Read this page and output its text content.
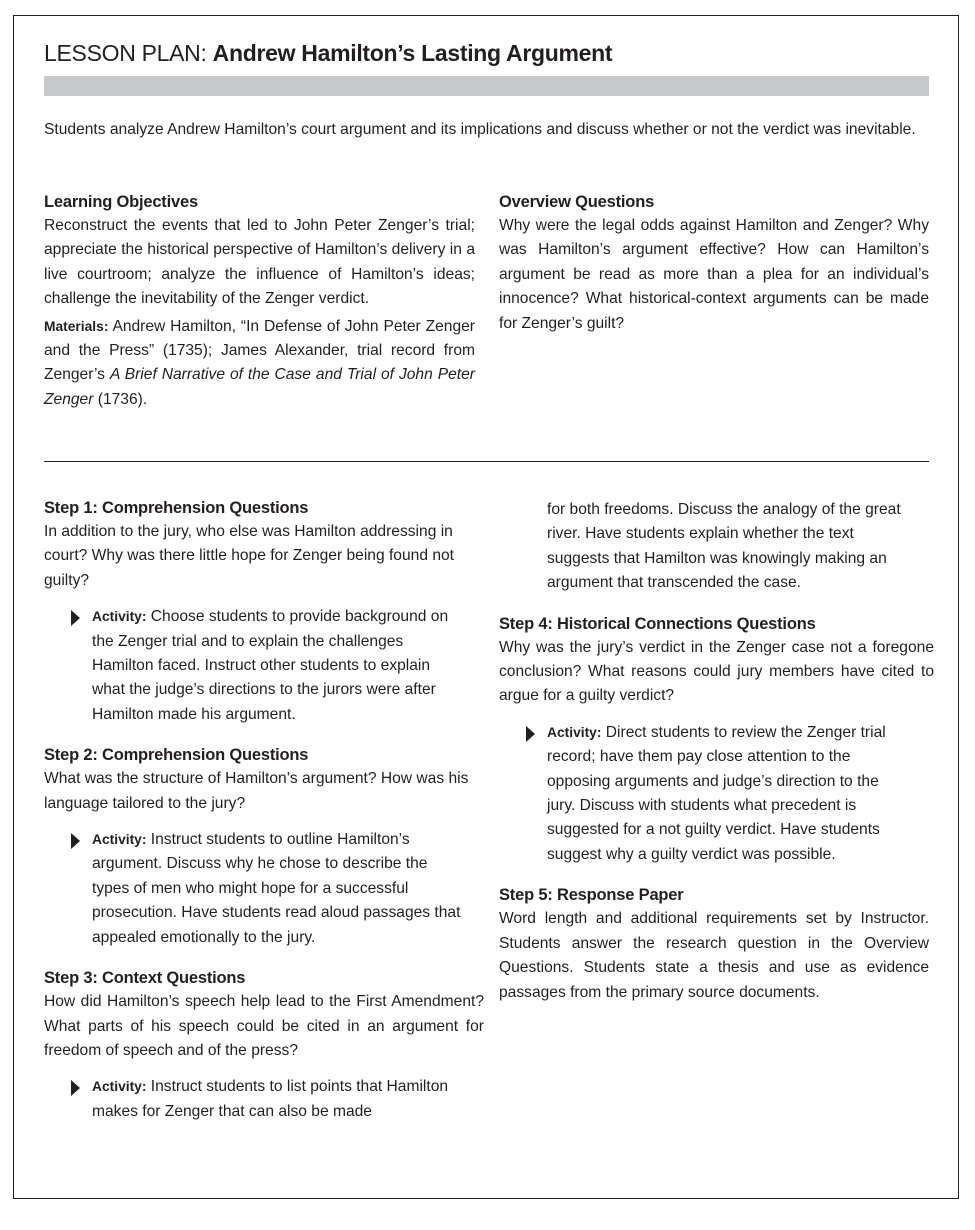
LESSON PLAN: Andrew Hamilton’s Lasting Argument

Students analyze Andrew Hamilton’s court argument and its implications and discuss whether or not the verdict was inevitable.

Learning Objectives

Reconstruct the events that led to John Peter Zenger’s trial; appreciate the historical perspective of Hamilton’s delivery in a live courtroom; analyze the influence of Hamilton’s ideas; challenge the inevitability of the Zenger verdict.

Materials: Andrew Hamilton, “In Defense of John Peter Zenger and the Press” (1735); James Alexander, trial record from Zenger’s A Brief Narrative of the Case and Trial of John Peter Zenger (1736).

Overview Questions

Why were the legal odds against Hamilton and Zenger? Why was Hamilton’s argument effective? How can Hamilton’s argument be read as more than a plea for an individual’s innocence? What historical-context arguments can be made for Zenger’s guilt?

Step 1: Comprehension Questions

In addition to the jury, who else was Hamilton addressing in court? Why was there little hope for Zenger being found not guilty?

Activity: Choose students to provide background on the Zenger trial and to explain the challenges Hamilton faced. Instruct other students to explain what the judge’s directions to the jurors were after Hamilton made his argument.
Step 2: Comprehension Questions

What was the structure of Hamilton’s argument? How was his language tailored to the jury?

Activity: Instruct students to outline Hamilton’s argument. Discuss why he chose to describe the types of men who might hope for a successful prosecution. Have students read aloud passages that appealed emotionally to the jury.
Step 3: Context Questions

How did Hamilton’s speech help lead to the First Amendment? What parts of his speech could be cited in an argument for freedom of speech and of the press?

Activity: Instruct students to list points that Hamilton makes for Zenger that can also be made

for both freedoms. Discuss the analogy of the great river. Have students explain whether the text suggests that Hamilton was knowingly making an argument that transcended the case.

Step 4: Historical Connections Questions

Why was the jury’s verdict in the Zenger case not a foregone conclusion? What reasons could jury members have cited to argue for a guilty verdict?

Activity: Direct students to review the Zenger trial record; have them pay close attention to the opposing arguments and judge’s direction to the jury. Discuss with students what precedent is suggested for a not guilty verdict. Have students suggest why a guilty verdict was possible.
Step 5: Response Paper

Word length and additional requirements set by Instructor. Students answer the research question in the Overview Questions. Students state a thesis and use as evidence passages from the primary source documents.
